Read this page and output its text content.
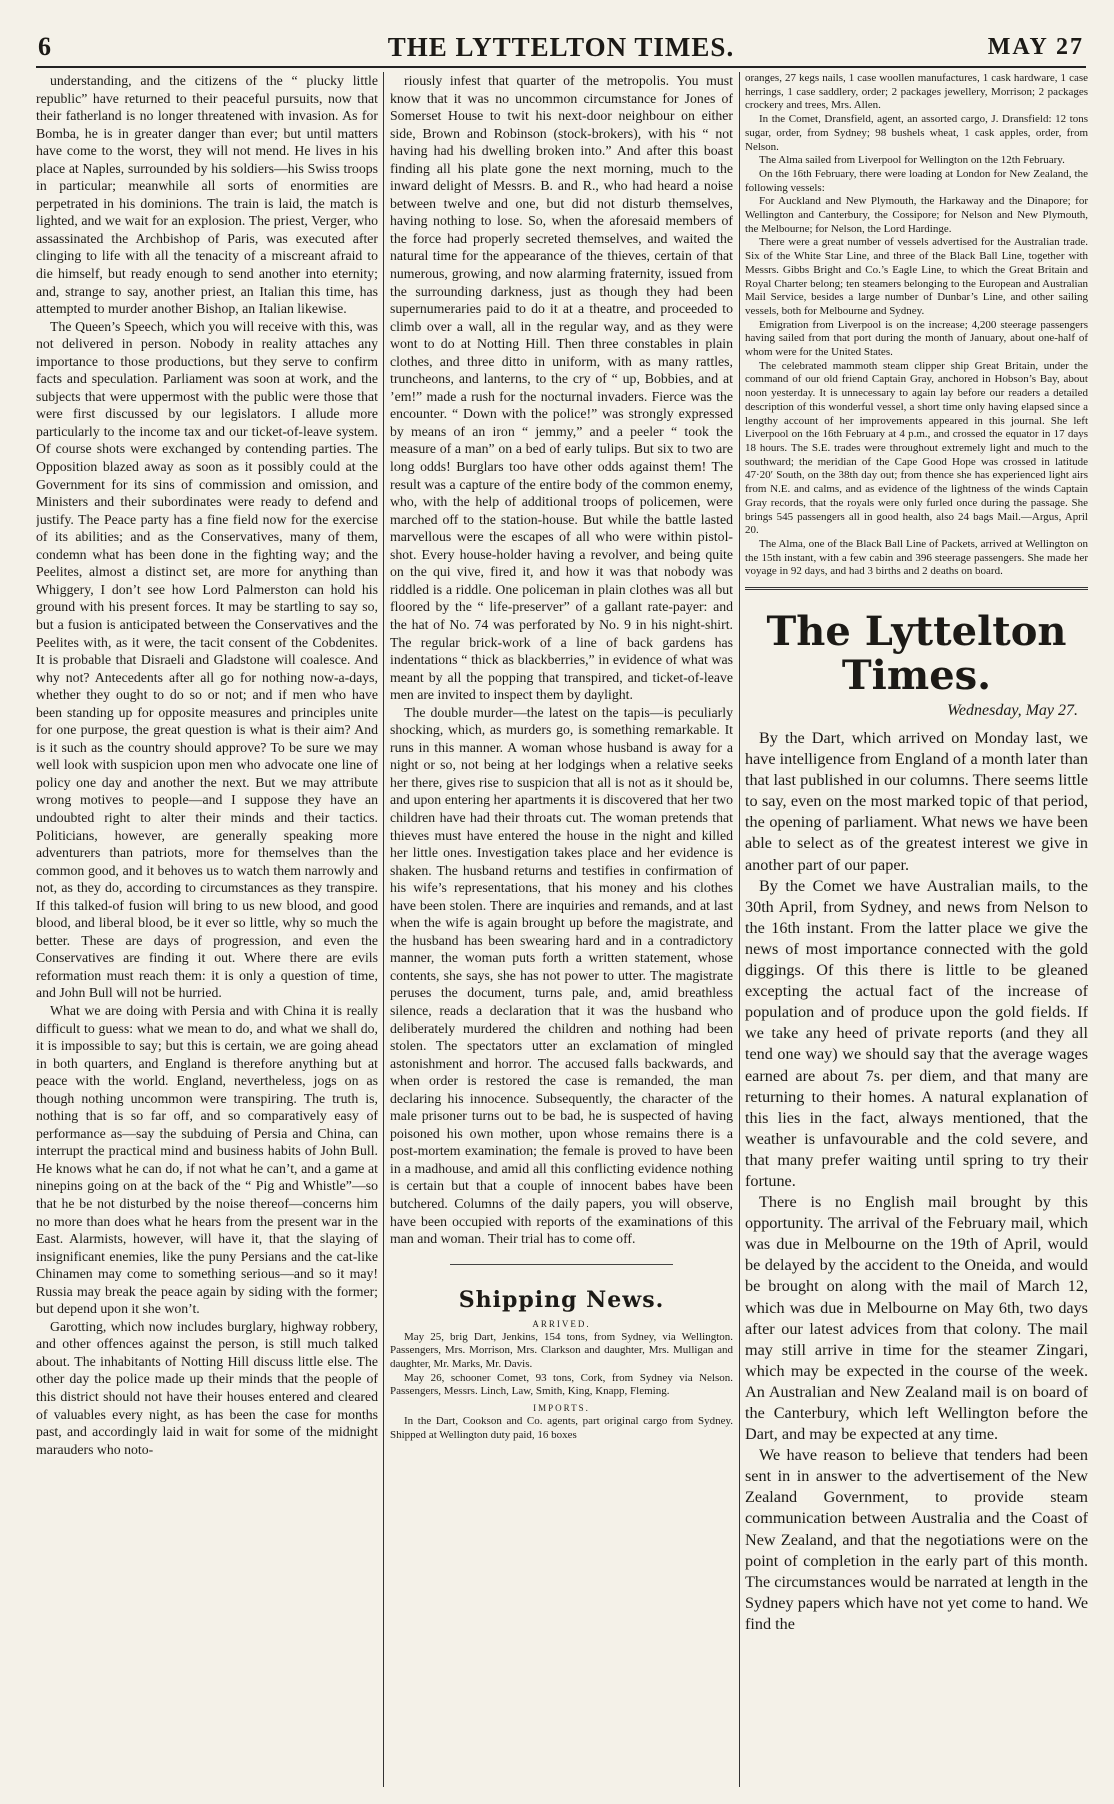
6	THE LYTTELTON TIMES.	MAY 27

understanding, and the citizens of the “ plucky little republic” have returned to their peaceful pursuits, now that their fatherland is no longer threatened with invasion. As for Bomba, he is in greater danger than ever; but until matters have come to the worst, they will not mend. He lives in his place at Naples, surrounded by his soldiers—his Swiss troops in particular; meanwhile all sorts of enormities are perpetrated in his dominions. The train is laid, the match is lighted, and we wait for an explosion. The priest, Verger, who assassinated the Archbishop of Paris, was executed after clinging to life with all the tenacity of a miscreant afraid to die himself, but ready enough to send another into eternity; and, strange to say, another priest, an Italian this time, has attempted to murder another Bishop, an Italian likewise.

The Queen’s Speech, which you will receive with this, was not delivered in person. Nobody in reality attaches any importance to those productions, but they serve to confirm facts and speculation. Parliament was soon at work, and the subjects that were uppermost with the public were those that were first discussed by our legislators. I allude more particularly to the income tax and our ticket-of-leave system. Of course shots were exchanged by contending parties. The Opposition blazed away as soon as it possibly could at the Government for its sins of commission and omission, and Ministers and their subordinates were ready to defend and justify. The Peace party has a fine field now for the exercise of its abilities; and as the Conservatives, many of them, condemn what has been done in the fighting way; and the Peelites, almost a distinct set, are more for anything than Whiggery, I don’t see how Lord Palmerston can hold his ground with his present forces. It may be startling to say so, but a fusion is anticipated between the Conservatives and the Peelites with, as it were, the tacit consent of the Cobdenites. It is probable that Disraeli and Gladstone will coalesce. And why not? Antecedents after all go for nothing now-a-days, whether they ought to do so or not; and if men who have been standing up for opposite measures and principles unite for one purpose, the great question is what is their aim? And is it such as the country should approve? To be sure we may well look with suspicion upon men who advocate one line of policy one day and another the next. But we may attribute wrong motives to people—and I suppose they have an undoubted right to alter their minds and their tactics. Politicians, however, are generally speaking more adventurers than patriots, more for themselves than the common good, and it behoves us to watch them narrowly and not, as they do, according to circumstances as they transpire. If this talked-of fusion will bring to us new blood, and good blood, and liberal blood, be it ever so little, why so much the better. These are days of progression, and even the Conservatives are finding it out. Where there are evils reformation must reach them: it is only a question of time, and John Bull will not be hurried.

What we are doing with Persia and with China it is really difficult to guess: what we mean to do, and what we shall do, it is impossible to say; but this is certain, we are going ahead in both quarters, and England is therefore anything but at peace with the world. England, nevertheless, jogs on as though nothing uncommon were transpiring. The truth is, nothing that is so far off, and so comparatively easy of performance as—say the subduing of Persia and China, can interrupt the practical mind and business habits of John Bull. He knows what he can do, if not what he can’t, and a game at ninepins going on at the back of the “ Pig and Whistle”—so that he be not disturbed by the noise thereof—concerns him no more than does what he hears from the present war in the East. Alarmists, however, will have it, that the slaying of insignificant enemies, like the puny Persians and the cat-like Chinamen may come to something serious—and so it may! Russia may break the peace again by siding with the former; but depend upon it she won’t.

Garotting, which now includes burglary, highway robbery, and other offences against the person, is still much talked about. The inhabitants of Notting Hill discuss little else. The other day the police made up their minds that the people of this district should not have their houses entered and cleared of valuables every night, as has been the case for months past, and accordingly laid in wait for some of the midnight marauders who noto-

riously infest that quarter of the metropolis. You must know that it was no uncommon circumstance for Jones of Somerset House to twit his next-door neighbour on either side, Brown and Robinson (stock-brokers), with his “ not having had his dwelling broken into.” And after this boast finding all his plate gone the next morning, much to the inward delight of Messrs. B. and R., who had heard a noise between twelve and one, but did not disturb themselves, having nothing to lose. So, when the aforesaid members of the force had properly secreted themselves, and waited the natural time for the appearance of the thieves, certain of that numerous, growing, and now alarming fraternity, issued from the surrounding darkness, just as though they had been supernumeraries paid to do it at a theatre, and proceeded to climb over a wall, all in the regular way, and as they were wont to do at Notting Hill. Then three constables in plain clothes, and three ditto in uniform, with as many rattles, truncheons, and lanterns, to the cry of “ up, Bobbies, and at ’em!” made a rush for the nocturnal invaders. Fierce was the encounter. “ Down with the police!” was strongly expressed by means of an iron “ jemmy,” and a peeler “ took the measure of a man” on a bed of early tulips. But six to two are long odds! Burglars too have other odds against them! The result was a capture of the entire body of the common enemy, who, with the help of additional troops of policemen, were marched off to the station-house. But while the battle lasted marvellous were the escapes of all who were within pistol-shot. Every house-holder having a revolver, and being quite on the qui vive, fired it, and how it was that nobody was riddled is a riddle. One policeman in plain clothes was all but floored by the “ life-preserver” of a gallant rate-payer: and the hat of No. 74 was perforated by No. 9 in his night-shirt. The regular brick-work of a line of back gardens has indentations “ thick as blackberries,” in evidence of what was meant by all the popping that transpired, and ticket-of-leave men are invited to inspect them by daylight.

The double murder—the latest on the tapis—is peculiarly shocking, which, as murders go, is something remarkable. It runs in this manner. A woman whose husband is away for a night or so, not being at her lodgings when a relative seeks her there, gives rise to suspicion that all is not as it should be, and upon entering her apartments it is discovered that her two children have had their throats cut. The woman pretends that thieves must have entered the house in the night and killed her little ones. Investigation takes place and her evidence is shaken. The husband returns and testifies in confirmation of his wife’s representations, that his money and his clothes have been stolen. There are inquiries and remands, and at last when the wife is again brought up before the magistrate, and the husband has been swearing hard and in a contradictory manner, the woman puts forth a written statement, whose contents, she says, she has not power to utter. The magistrate peruses the document, turns pale, and, amid breathless silence, reads a declaration that it was the husband who deliberately murdered the children and nothing had been stolen. The spectators utter an exclamation of mingled astonishment and horror. The accused falls backwards, and when order is restored the case is remanded, the man declaring his innocence. Subsequently, the character of the male prisoner turns out to be bad, he is suspected of having poisoned his own mother, upon whose remains there is a post-mortem examination; the female is proved to have been in a madhouse, and amid all this conflicting evidence nothing is certain but that a couple of innocent babes have been butchered. Columns of the daily papers, you will observe, have been occupied with reports of the examinations of this man and woman. Their trial has to come off.

Shipping News.
ARRIVED.

May 25, brig Dart, Jenkins, 154 tons, from Sydney, via Wellington. Passengers, Mrs. Morrison, Mrs. Clarkson and daughter, Mrs. Mulligan and daughter, Mr. Marks, Mr. Davis.

May 26, schooner Comet, 93 tons, Cork, from Sydney via Nelson. Passengers, Messrs. Linch, Law, Smith, King, Knapp, Fleming.

IMPORTS.

In the Dart, Cookson and Co. agents, part original cargo from Sydney. Shipped at Wellington duty paid, 16 boxes

oranges, 27 kegs nails, 1 case woollen manufactures, 1 cask hardware, 1 case herrings, 1 case saddlery, order; 2 packages jewellery, Morrison; 2 packages crockery and trees, Mrs. Allen.

In the Comet, Dransfield, agent, an assorted cargo, J. Dransfield: 12 tons sugar, order, from Sydney; 98 bushels wheat, 1 cask apples, order, from Nelson.

The Alma sailed from Liverpool for Wellington on the 12th February.

On the 16th February, there were loading at London for New Zealand, the following vessels:

For Auckland and New Plymouth, the Harkaway and the Dinapore; for Wellington and Canterbury, the Cossipore; for Nelson and New Plymouth, the Melbourne; for Nelson, the Lord Hardinge.

There were a great number of vessels advertised for the Australian trade. Six of the White Star Line, and three of the Black Ball Line, together with Messrs. Gibbs Bright and Co.’s Eagle Line, to which the Great Britain and Royal Charter belong; ten steamers belonging to the European and Australian Mail Service, besides a large number of Dunbar’s Line, and other sailing vessels, both for Melbourne and Sydney.

Emigration from Liverpool is on the increase; 4,200 steerage passengers having sailed from that port during the month of January, about one-half of whom were for the United States.

The celebrated mammoth steam clipper ship Great Britain, under the command of our old friend Captain Gray, anchored in Hobson’s Bay, about noon yesterday. It is unnecessary to again lay before our readers a detailed description of this wonderful vessel, a short time only having elapsed since a lengthy account of her improvements appeared in this journal. She left Liverpool on the 16th February at 4 p.m., and crossed the equator in 17 days 18 hours. The S.E. trades were throughout extremely light and much to the southward; the meridian of the Cape Good Hope was crossed in latitude 47·20′ South, on the 38th day out; from thence she has experienced light airs from N.E. and calms, and as evidence of the lightness of the winds Captain Gray records, that the royals were only furled once during the passage. She brings 545 passengers all in good health, also 24 bags Mail.—Argus, April 20.

The Alma, one of the Black Ball Line of Packets, arrived at Wellington on the 15th instant, with a few cabin and 396 steerage passengers. She made her voyage in 92 days, and had 3 births and 2 deaths on board.

The Lyttelton Times.
Wednesday, May 27.

By the Dart, which arrived on Monday last, we have intelligence from England of a month later than that last published in our columns. There seems little to say, even on the most marked topic of that period, the opening of parliament. What news we have been able to select as of the greatest interest we give in another part of our paper.

By the Comet we have Australian mails, to the 30th April, from Sydney, and news from Nelson to the 16th instant. From the latter place we give the news of most importance connected with the gold diggings. Of this there is little to be gleaned excepting the actual fact of the increase of population and of produce upon the gold fields. If we take any heed of private reports (and they all tend one way) we should say that the average wages earned are about 7s. per diem, and that many are returning to their homes. A natural explanation of this lies in the fact, always mentioned, that the weather is unfavourable and the cold severe, and that many prefer waiting until spring to try their fortune.

There is no English mail brought by this opportunity. The arrival of the February mail, which was due in Melbourne on the 19th of April, would be delayed by the accident to the Oneida, and would be brought on along with the mail of March 12, which was due in Melbourne on May 6th, two days after our latest advices from that colony. The mail may still arrive in time for the steamer Zingari, which may be expected in the course of the week. An Australian and New Zealand mail is on board of the Canterbury, which left Wellington before the Dart, and may be expected at any time.

We have reason to believe that tenders had been sent in in answer to the advertisement of the New Zealand Government, to provide steam communication between Australia and the Coast of New Zealand, and that the negotiations were on the point of completion in the early part of this month. The circumstances would be narrated at length in the Sydney papers which have not yet come to hand. We find the
